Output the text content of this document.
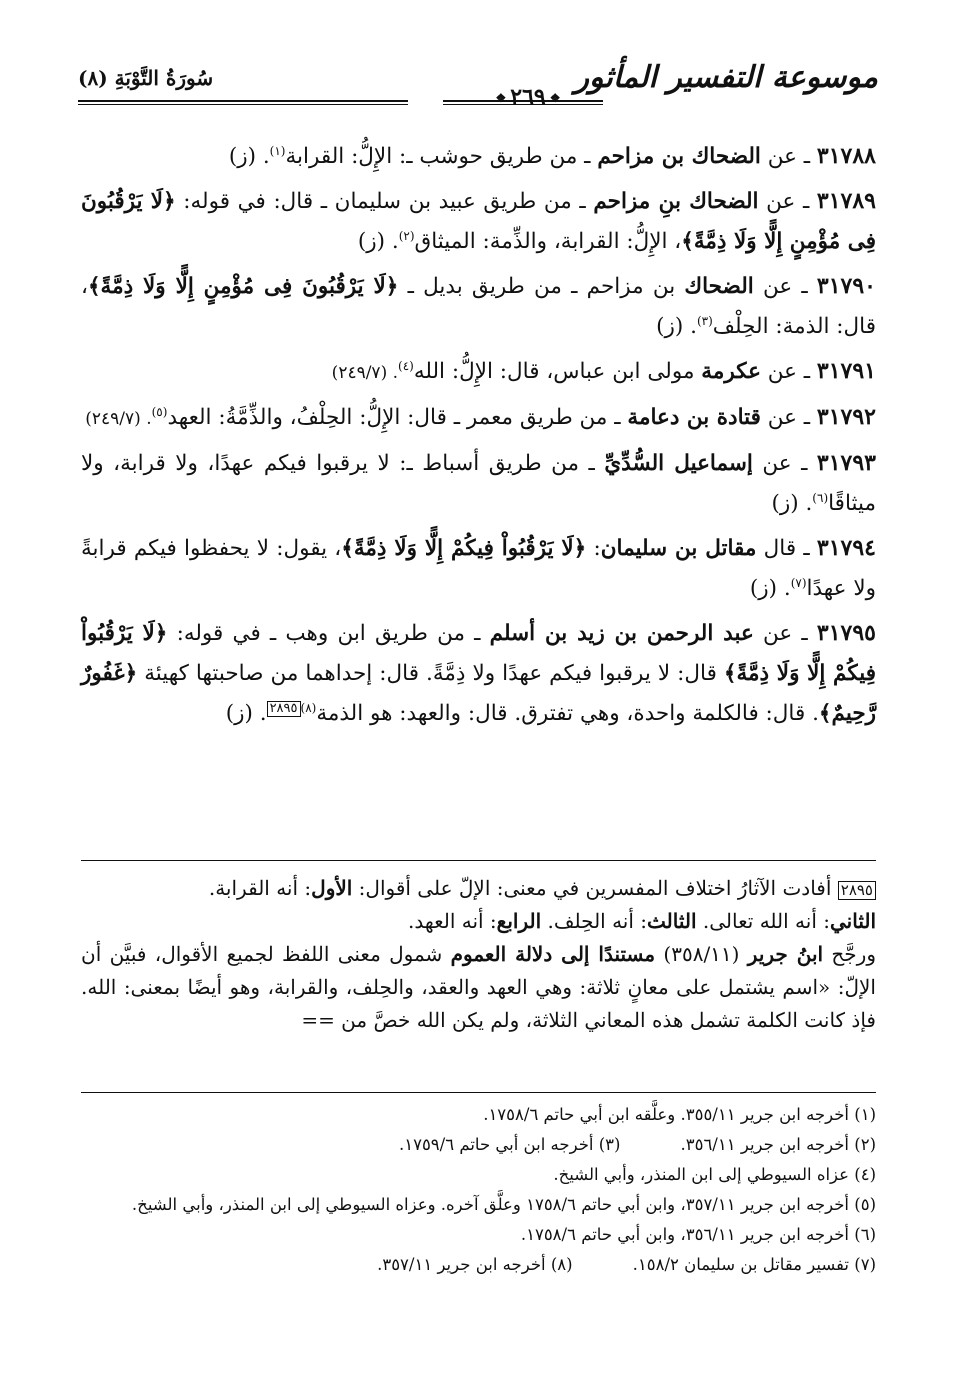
موسوعة التفسير المأثور
❖ ٢٦٩ ❖
سُورَةُ التَّوْبَةِ (٨)

٣١٧٨٨ ـ عن الضحاك بن مزاحم ـ من طريق حوشب ـ: الإِلُّ: القرابة$^{(١)}$. (ز)

٣١٧٨٩ ـ عن الضحاك بنِ مزاحم ـ من طريق عبيد بن سليمان ـ قال: في قوله: ﴿لَا يَرْقُبُونَ فِى مُؤْمِنٍ إِلًّا وَلَا ذِمَّةً﴾، الإِلُّ: القرابة، والذِّمة: الميثاق$^{(٢)}$. (ز)

٣١٧٩٠ ـ عن الضحاك بن مزاحم ـ من طريق بديل ـ ﴿لَا يَرْقُبُونَ فِى مُؤْمِنٍ إِلًّا وَلَا ذِمَّةً﴾، قال: الذمة: الحِلْف$^{(٣)}$. (ز)

٣١٧٩١ ـ عن عكرمة مولى ابن عباس، قال: الإِلُّ: الله$^{(٤)}$. (٢٤٩/٧)

٣١٧٩٢ ـ عن قتادة بن دعامة ـ من طريق معمر ـ قال: الإِلُّ: الحِلْفُ، والذِّمَّةُ: العهد$^{(٥)}$. (٢٤٩/٧)

٣١٧٩٣ ـ عن إسماعيل السُّدِّيِّ ـ من طريق أسباط ـ: لا يرقبوا فيكم عهدًا، ولا قرابة، ولا ميثاقًا$^{(٦)}$. (ز)

٣١٧٩٤ ـ قال مقاتل بن سليمان: ﴿لَا يَرْقُبُواْ فِيكُمْ إِلًّا وَلَا ذِمَّةً﴾، يقول: لا يحفظوا فيكم قرابةً ولا عهدًا$^{(٧)}$. (ز)

٣١٧٩٥ ـ عن عبد الرحمن بن زيد بن أسلم ـ من طريق ابن وهب ـ في قوله: ﴿لَا يَرْقُبُواْ فِيكُمْ إِلًّا وَلَا ذِمَّةً﴾ قال: لا يرقبوا فيكم عهدًا ولا ذِمَّةً. قال: إحداهما من صاحبتها كهيئة ﴿غَفُورٌ رَّحِيمٌ﴾. قال: فالكلمة واحدة، وهي تفترق. قال: والعهد: هو الذمة$^{(٨)}$٢٨٩٥. (ز)

٢٨٩٥ أفادت الآثارُ اختلاف المفسرين في معنى: الإلّ على أقوال: الأول: أنه القرابة.
الثاني: أنه الله تعالى. الثالث: أنه الحِلف. الرابع: أنه العهد.
ورجَّح ابنُ جرير (٣٥٨/١١) مستندًا إلى دلالة العموم شمول معنى اللفظ لجميع الأقوال، فبيَّن أن الإلّ: «اسم يشتمل على معانٍ ثلاثة: وهي العهد والعقد، والحِلف، والقرابة، وهو أيضًا بمعنى: الله. فإذ كانت الكلمة تشمل هذه المعاني الثلاثة، ولم يكن الله خصَّ من ==
(١) أخرجه ابن جرير ٣٥٥/١١. وعلَّقه ابن أبي حاتم ١٧٥٨/٦.
(٢) أخرجه ابن جرير ٣٥٦/١١.
(٣) أخرجه ابن أبي حاتم ١٧٥٩/٦.
(٤) عزاه السيوطي إلى ابن المنذر، وأبي الشيخ.
(٥) أخرجه ابن جرير ٣٥٧/١١، وابن أبي حاتم ١٧٥٨/٦ وعلَّق آخره. وعزاه السيوطي إلى ابن المنذر، وأبي الشيخ.
(٦) أخرجه ابن جرير ٣٥٦/١١، وابن أبي حاتم ١٧٥٨/٦.
(٧) تفسير مقاتل بن سليمان ١٥٨/٢.
(٨) أخرجه ابن جرير ٣٥٧/١١.
